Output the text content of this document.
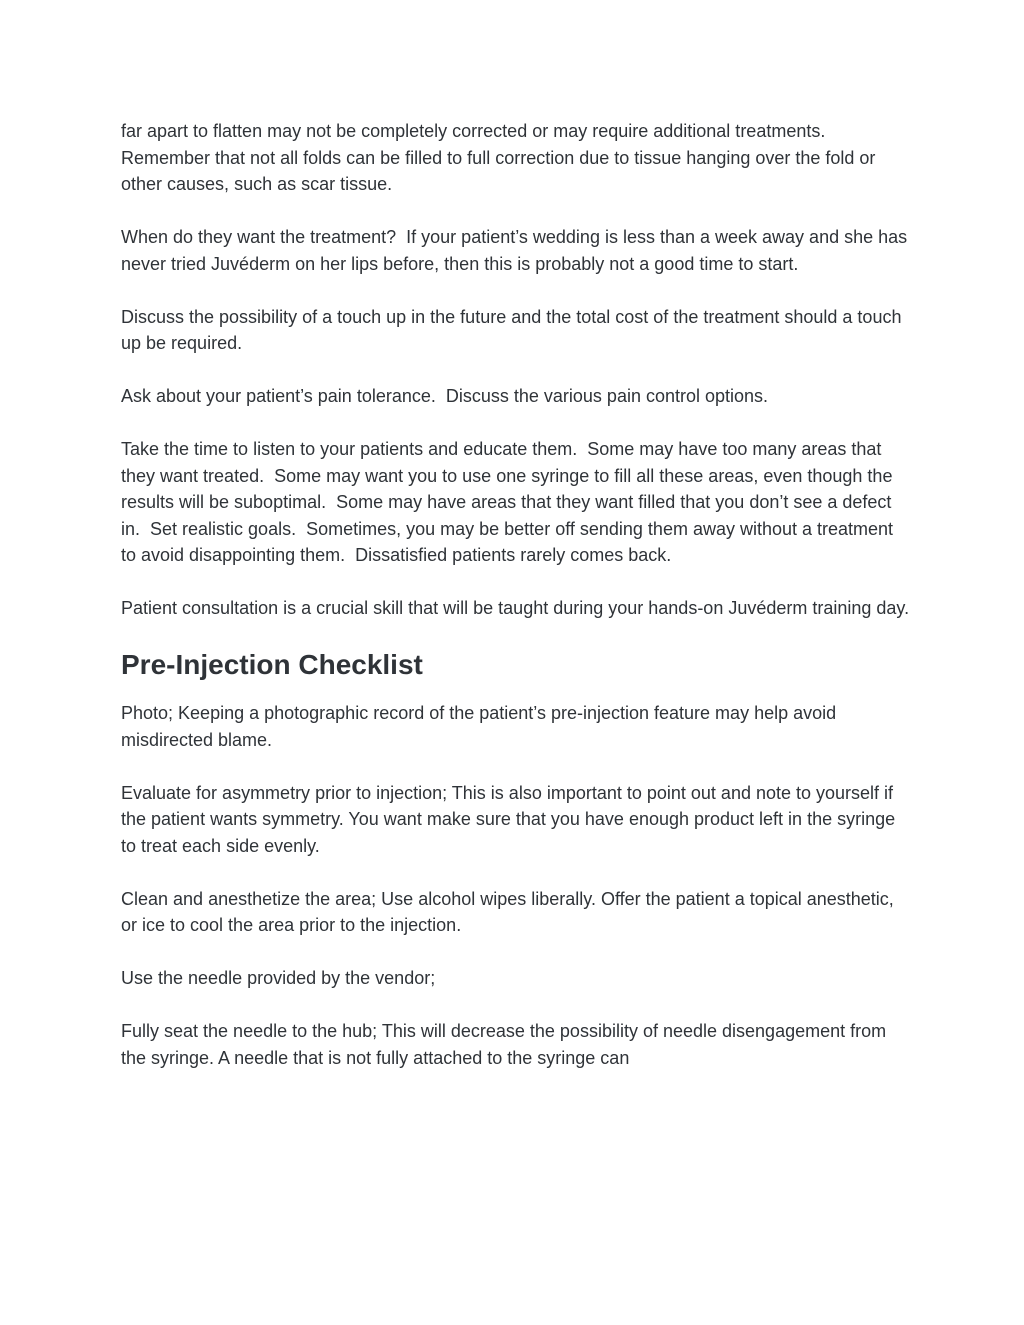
far apart to flatten may not be completely corrected or may require additional treatments.  Remember that not all folds can be filled to full correction due to tissue hanging over the fold or other causes, such as scar tissue.

When do they want the treatment?  If your patient’s wedding is less than a week away and she has never tried Juvéderm on her lips before, then this is probably not a good time to start.

Discuss the possibility of a touch up in the future and the total cost of the treatment should a touch up be required.

Ask about your patient’s pain tolerance.  Discuss the various pain control options.

Take the time to listen to your patients and educate them.  Some may have too many areas that they want treated.  Some may want you to use one syringe to fill all these areas, even though the results will be suboptimal.  Some may have areas that they want filled that you don’t see a defect in.  Set realistic goals.  Sometimes, you may be better off sending them away without a treatment to avoid disappointing them.  Dissatisfied patients rarely comes back.

Patient consultation is a crucial skill that will be taught during your hands-on Juvéderm training day.

Pre-Injection Checklist

Photo; Keeping a photographic record of the patient’s pre-injection feature may help avoid misdirected blame.

Evaluate for asymmetry prior to injection; This is also important to point out and note to yourself if the patient wants symmetry. You want make sure that you have enough product left in the syringe to treat each side evenly.

Clean and anesthetize the area; Use alcohol wipes liberally. Offer the patient a topical anesthetic, or ice to cool the area prior to the injection.

Use the needle provided by the vendor;

Fully seat the needle to the hub; This will decrease the possibility of needle disengagement from the syringe. A needle that is not fully attached to the syringe can
